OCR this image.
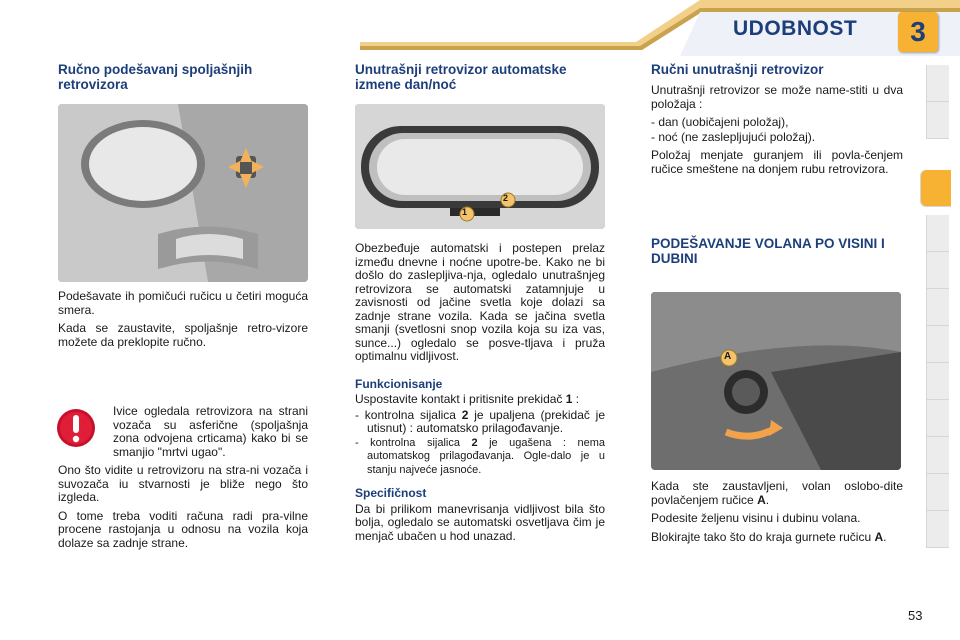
UDOBNOST	3
Ručno podešavanj spoljašnjih retrovizora

Podešavate ih pomičući ručicu u četiri moguća smera.

Kada se zaustavite, spoljašnje retro-vizore možete da preklopite ručno.

Ivice ogledala retrovizora na strani vozača su asferične (spoljašnja zona odvojena crticama) kako bi se smanjio "mrtvi ugao".

Ono što vidite u retrovizoru na stra-ni vozača i suvozača iu stvarnosti je bliže nego što izgleda.

O tome treba voditi računa radi pra-vilne procene rastojanja u odnosu na vozila koja dolaze sa zadnje strane.

Unutrašnji retrovizor automatske izmene dan/noć
1
2

Obezbeđuje automatski i postepen prelaz između dnevne i noćne upotre-be. Kako ne bi došlo do zaslepljiva-nja, ogledalo unutrašnjeg retrovizora se automatski zatamnjuje u zavisnosti od jačine svetla koje dolazi sa zadnje strane vozila. Kada se jačina svetla smanji (svetlosni snop vozila koja su iza vas, sunce...) ogledalo se posve-tljava i pruža optimalnu vidljivost.

Funkcionisanje

Uspostavite kontakt i pritisnite prekidač 1 :

- kontrolna sijalica 2 je upaljena (prekidač je utisnut) : automatsko prilagođavanje.
- kontrolna sijalica 2 je ugašena : nema automatskog prilagođavanja. Ogle-dalo je u stanju najveće jasnoće.
Specifičnost

Da bi prilikom manevrisanja vidljivost bila što bolja, ogledalo se automatski osvetljava čim je menjač ubačen u hod unazad.

Ručni unutrašnji retrovizor

Unutrašnji retrovizor se može name-stiti u dva položaja :

- dan (uobičajeni položaj),
- noć (ne zaslepljujući položaj).

Položaj menjate guranjem ili povla-čenjem ručice smeštene na donjem rubu retrovizora.

PODEŠAVANJE VOLANA PO VISINI I DUBINI
A

Kada ste zaustavljeni, volan oslobo-dite povlačenjem ručice A.

Podesite željenu visinu i dubinu volana.

Blokirajte tako što do kraja gurnete ručicu A.

53
